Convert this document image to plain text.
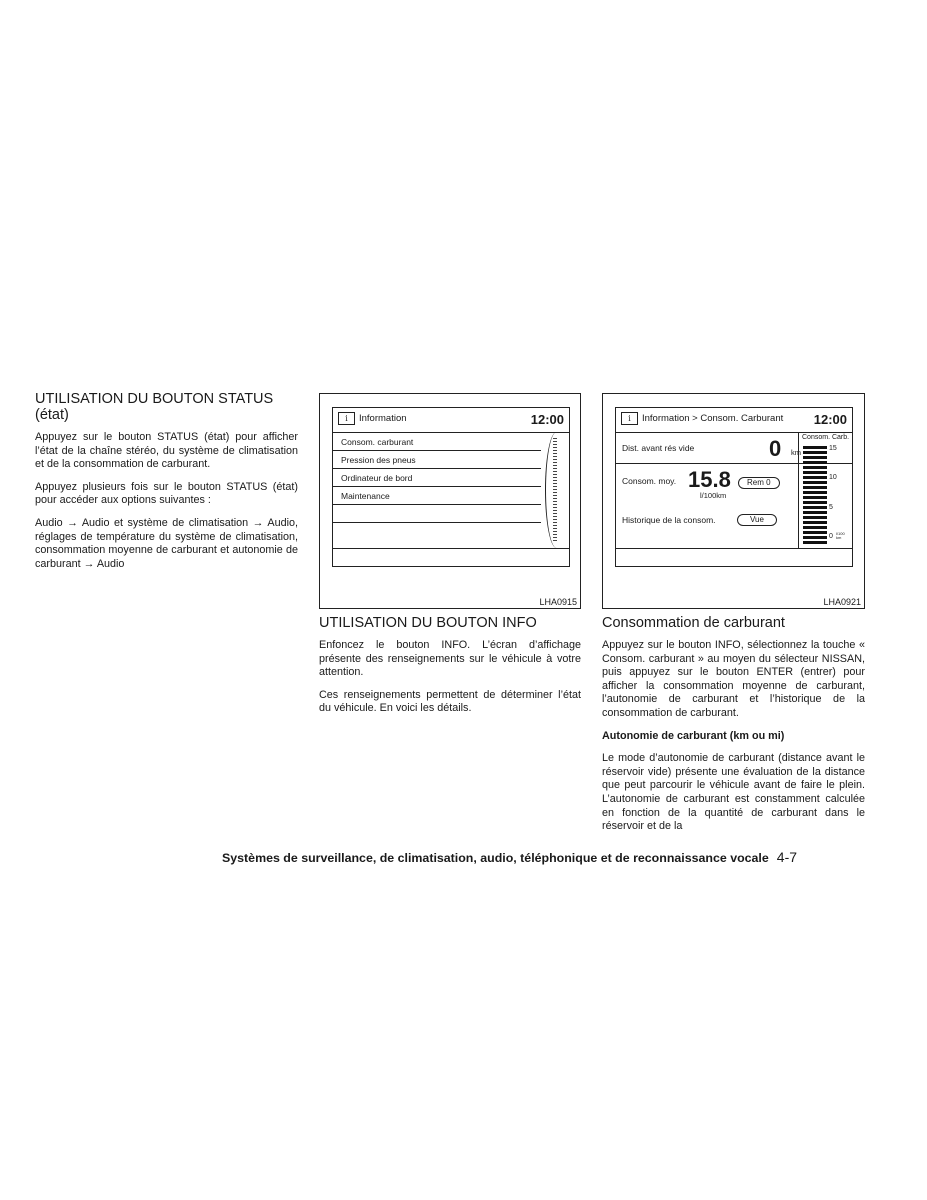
UTILISATION DU BOUTON STATUS (état)

Appuyez sur le bouton STATUS (état) pour afficher l’état de la chaîne stéréo, du système de climatisation et de la consommation de carburant.

Appuyez plusieurs fois sur le bouton STATUS (état) pour accéder aux options suivantes :

Audio → Audio et système de climatisation → Audio, réglages de température du système de climatisation, consommation moyenne de carburant et autonomie de carburant → Audio

i	Information	12:00
Consom. carburant
Pression des pneus
Ordinateur de bord
Maintenance
LHA0915
UTILISATION DU BOUTON INFO

Enfoncez le bouton INFO. L’écran d’affichage présente des renseignements sur le véhicule à votre attention.

Ces renseignements permettent de déterminer l’état du véhicule. En voici les détails.

i	Information > Consom. Carburant 12:00
Dist. avant rés vide	0 km
Consom. moy. 15.8
l/100km
Rem 0
Historique de la consom.	Vue
Consom. Carb.
15
10
5
0 l/100 km
LHA0921
Consommation de carburant

Appuyez sur le bouton INFO, sélectionnez la touche « Consom. carburant » au moyen du sélecteur NISSAN, puis appuyez sur le bouton ENTER (entrer) pour afficher la consommation moyenne de carburant, l’autonomie de carburant et l’historique de la consommation de carburant.

Autonomie de carburant (km ou mi)

Le mode d’autonomie de carburant (distance avant le réservoir vide) présente une évaluation de la distance que peut parcourir le véhicule avant de faire le plein. L’autonomie de carburant est constamment calculée en fonction de la quantité de carburant dans le réservoir et de la

Systèmes de surveillance, de climatisation, audio, téléphonique et de reconnaissance vocale 4-7
